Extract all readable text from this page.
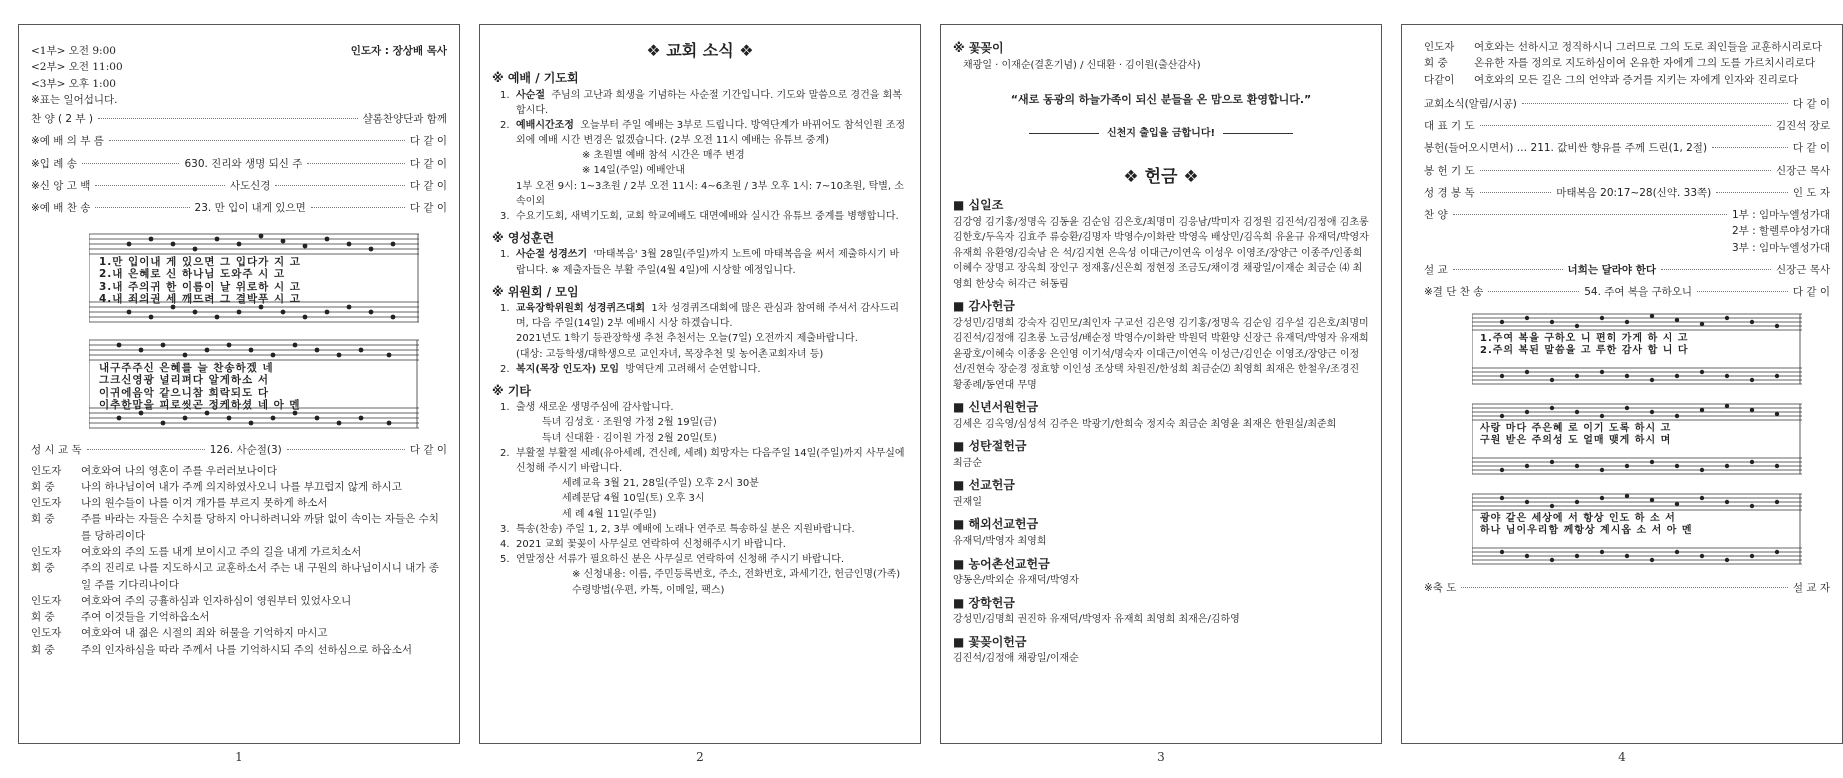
<1부> 오전 9:00
<2부> 오전 11:00
<3부> 오후 1:00
인도자 : 장상배 목사
※표는 일어섭니다.
찬 양 ( 2 부 )	샬롬찬양단과 함께
※예 배 의 부 름	다 같 이
※입 례 송	630. 진리와 생명 되신 주	다 같 이
※신 앙 고 백	사도신경	다 같 이
※예 배 찬 송	23. 만 입이 내게 있으면	다 같 이
1.만 입이내 게 있으면 그 입다가 지 고
2.내 은혜로 신 하나님 도와주 시 고
3.내 주의귀 한 이름이 날 위로하 시 고
4.내 죄의권 세 깨뜨려 그 결박푸 시 고
내구주주신 은혜를 늘 찬송하겠 네
그크신영광 널리펴다 알게하소 서
이귀에음악 같으니참 희락되도 다
이추한맘을 피로씻곤 정케하셨 네 아 멘
성 시 교 독	126. 사순절(3)	다 같 이
인도자	여호와여 나의 영혼이 주를 우러러보나이다
회 중	나의 하나님이여 내가 주께 의지하였사오니 나를 부끄럽지 않게 하시고
인도자	나의 원수들이 나를 이겨 개가를 부르지 못하게 하소서
회 중	주를 바라는 자들은 수치를 당하지 아니하려니와 까닭 없이 속이는 자들은 수치를 당하리이다
인도자	여호와의 주의 도를 내게 보이시고 주의 길을 내게 가르치소서
회 중	주의 진리로 나를 지도하시고 교훈하소서 주는 내 구원의 하나님이시니 내가 종일 주를 기다리나이다
인도자	여호와여 주의 긍휼하심과 인자하심이 영원부터 있었사오니
회 중	주여 이것들을 기억하옵소서
인도자	여호와여 내 젊은 시절의 죄와 허물을 기억하지 마시고
회 중	주의 인자하심을 따라 주께서 나를 기억하시되 주의 선하심으로 하옵소서
1
❖ 교회 소식 ❖
※ 예배 / 기도회
1. 사순절 주님의 고난과 희생을 기념하는 사순절 기간입니다. 기도와 말씀으로 경건을 회복합시다.
2. 예배시간조정 오늘부터 주일 예배는 3부로 드립니다. 방역단계가 바뀌어도 참석인원 조정 외에 예배 시간 변경은 없겠습니다. (2부 오전 11시 예배는 유튜브 중계)
※ 초원별 예배 참석 시간은 매주 변경
※ 14일(주일) 예배안내
1부 오전 9시: 1~3초원 / 2부 오전 11시: 4~6초원 / 3부 오후 1시: 7~10초원, 탁별, 소속이외
3. 수요기도회, 새벽기도회, 교회 학교예배도 대면예배와 실시간 유튜브 중계를 병행합니다.
※ 영성훈련
1. 사순절 성경쓰기 '마태복음' 3월 28일(주일)까지 노트에 마태복음을 써서 제출하시기 바랍니다. ※ 제출자들은 부활 주일(4월 4일)에 시상할 예정입니다.
※ 위원회 / 모임
1. 교육장학위원회 성경퀴즈대회 1차 성경퀴즈대회에 많은 관심과 참여해 주셔서 감사드리며, 다음 주일(14일) 2부 예배시 시상 하겠습니다.
2021년도 1학기 등관장학생 추천 추천서는 오늘(7일) 오전까지 제출바랍니다.
(대상: 고등학생/대학생으로 교인자녀, 목장추천 및 농어촌교회자녀 등)
2. 복지(목장 인도자) 모임 방역단계 고려해서 순연합니다.
※ 기타
1. 출생 새로운 생명주심에 감사합니다.
득녀 김성호 · 조원영 가정 2월 19일(금)
득녀 신대환 · 김이원 가정 2월 20일(토)
2. 부활절 부활절 세례(유아세례, 견신례, 세례) 희망자는 다음주일 14일(주일)까지 사무실에 신청해 주시기 바랍니다.
세례교육 3월 21, 28일(주일) 오후 2시 30분
세례문답 4월 10일(토) 오후 3시
세 례 4월 11일(주일)
3. 특송(찬송) 주일 1, 2, 3부 예배에 노래나 연주로 특송하실 분은 지원바랍니다.
4. 2021 교회 꽃꽂이 사무실로 연락하여 신청해주시기 바랍니다.
5. 연말정산 서류가 필요하신 분은 사무실로 연락하여 신청해 주시기 바랍니다.
※ 신청내용: 이름, 주민등록번호, 주소, 전화번호, 과세기간, 헌금인명(가족) 수령방법(우편, 카톡, 이메일, 팩스)
2
※ 꽃꽂이
채광일 · 이재순(결혼기념) / 신대환 · 김이원(출산감사)
“새로 동광의 하늘가족이 되신 분들을 온 맘으로 환영합니다.”
신천지 출입을 금합니다!
❖ 헌금 ❖
■ 십일조
김강영 김기홍/정명옥 김동윤 김순임 김은호/최명미 김응남/박미자 김정원 김진석/김정애 김초롱 김한호/두옥자 김효주 류승환/김명자 박영수/이화란 박영옥 배상민/김옥희 유윤규 유재덕/박영자 유재희 유환영/김숙남 은 석/김지현 은옥성 이대근/이연옥 이성우 이영조/장양근 이종주/인종희 이혜수 장명고 장옥희 장인구 정재홍/신은희 정현정 조금도/채이경 채광일/이재순 최금순 ⑷ 최영희 한상숙 허각근 허동림
■ 감사헌금
강성민/김명희 강숙자 김민모/최인자 구교선 김은영 김기홍/정명옥 김순임 김우설 김은호/최명미 김진석/김정애 김초롱 노금성/배순정 박영수/이화란 박원덕 박환양 신장근 유재덕/박영자 유재희 윤광호/이혜숙 이종웅 은인영 이기석/명숙자 이대근/이연옥 이성근/김인순 이영조/장양근 이정선/진현숙 장순경 정효향 이인성 조상택 차원진/한성희 최금순⑵ 최영희 최재은 한철우/조경진 황종례/동연대 무명
■ 신년서원헌금
김세은 김옥영/심성석 김주은 박광기/한희숙 정지숙 최금순 최영윤 최재은 한원실/최준희
■ 성탄절헌금
최금순
■ 선교헌금
권재일
■ 해외선교헌금
유재덕/박영자 최영희
■ 농어촌선교헌금
양동은/박외순 유재덕/박영자
■ 장학헌금
강성민/김명희 권진하 유재덕/박영자 유재희 최영희 최재은/김하영
■ 꽃꽂이헌금
김진석/김정애 채광일/이재순
3
인도자	여호와는 선하시고 정직하시니 그러므로 그의 도로 죄인들을 교훈하시리로다
회 중	온유한 자를 정의로 지도하심이여 온유한 자에게 그의 도를 가르치시리로다
다같이	여호와의 모든 길은 그의 언약과 증거를 지키는 자에게 인자와 진리로다
교회소식(알림/시공)	다 같 이
대 표 기 도	김진석 장로
봉헌(들어오시면서) … 211. 값비싼 향유를 주께 드린(1, 2절)	다 같 이
봉 헌 기 도	신장근 목사
성 경 봉 독	마태복음 20:17~28(신약. 33쪽)	인 도 자
찬 양	1부 : 임마누엘성가대
2부 : 할렐루야성가대
3부 : 임마누엘성가대
설 교	너희는 달라야 한다	신장근 목사
※결 단 찬 송	54. 주여 복을 구하오니	다 같 이
1.주여 복을 구하오 니 편히 가게 하 시 고
2.주의 복된 말씀을 고 루한 감사 합 니 다
사랑 마다 주은혜 로 이기 도록 하시 고
구원 받은 주의성 도 얼매 맺게 하시 며
광야 같은 세상에 서 항상 인도 하 소 서
하나 님이우리함 께항상 계시옵 소 서 아 멘
※축 도	설 교 자
4
